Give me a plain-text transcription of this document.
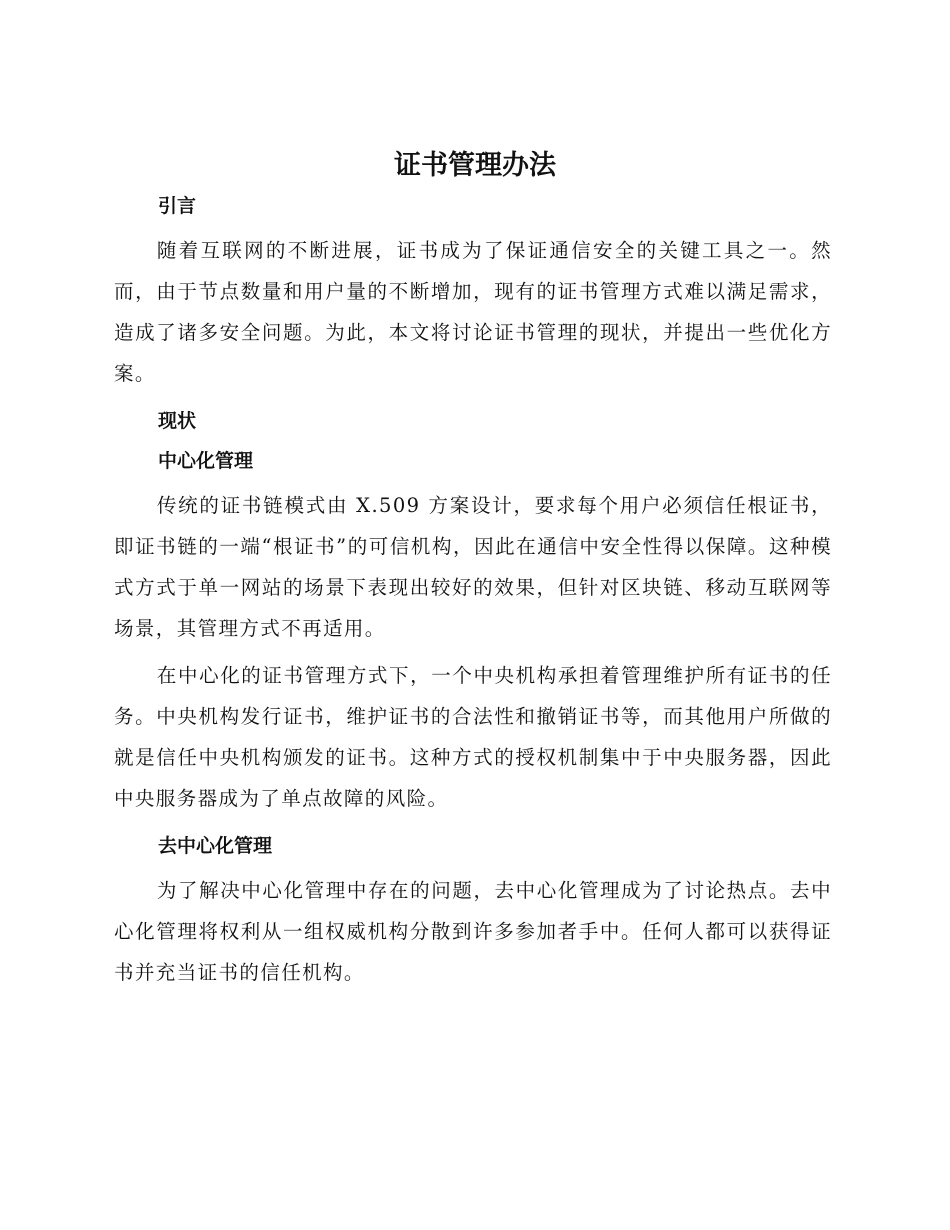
证书管理办法
引言

随着互联网的不断进展，证书成为了保证通信安全的关键工具之一。然而，由于节点数量和用户量的不断增加，现有的证书管理方式难以满足需求，造成了诸多安全问题。为此，本文将讨论证书管理的现状，并提出一些优化方案。

现状
中心化管理

传统的证书链模式由 X.509 方案设计，要求每个用户必须信任根证书，即证书链的一端“根证书”的可信机构，因此在通信中安全性得以保障。这种模式方式于单一网站的场景下表现出较好的效果，但针对区块链、移动互联网等场景，其管理方式不再适用。

在中心化的证书管理方式下，一个中央机构承担着管理维护所有证书的任务。中央机构发行证书，维护证书的合法性和撤销证书等，而其他用户所做的就是信任中央机构颁发的证书。这种方式的授权机制集中于中央服务器，因此中央服务器成为了单点故障的风险。

去中心化管理

为了解决中心化管理中存在的问题，去中心化管理成为了讨论热点。去中心化管理将权利从一组权威机构分散到许多参加者手中。任何人都可以获得证书并充当证书的信任机构。
